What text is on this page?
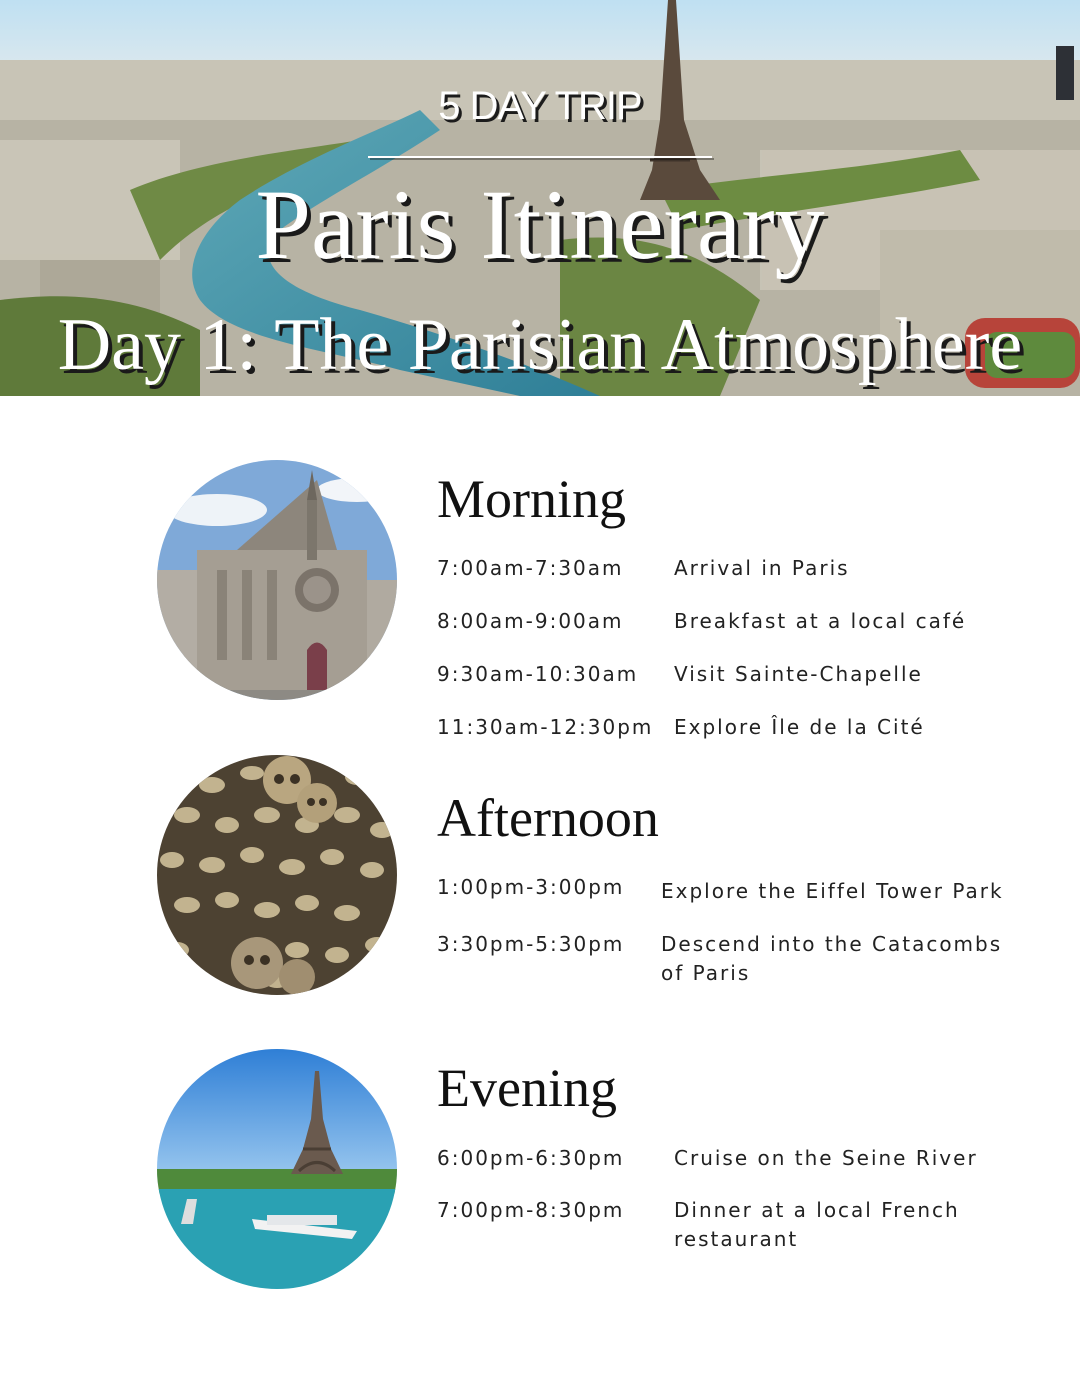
5 DAY TRIP
Paris Itinerary
Day 1: The Parisian Atmosphere
Morning
7:00am-7:30am	Arrival in Paris
8:00am-9:00am	Breakfast at a local café
9:30am-10:30am Visit Sainte-Chapelle
11:30am-12:30pm Explore Île de la Cité
Afternoon
1:00pm-3:00pm Explore the Eiffel Tower Park
3:30pm-5:30pm Descend into the Catacombs of Paris
Evening
6:00pm-6:30pm Cruise on the Seine River
7:00pm-8:30pm Dinner at a local French restaurant
